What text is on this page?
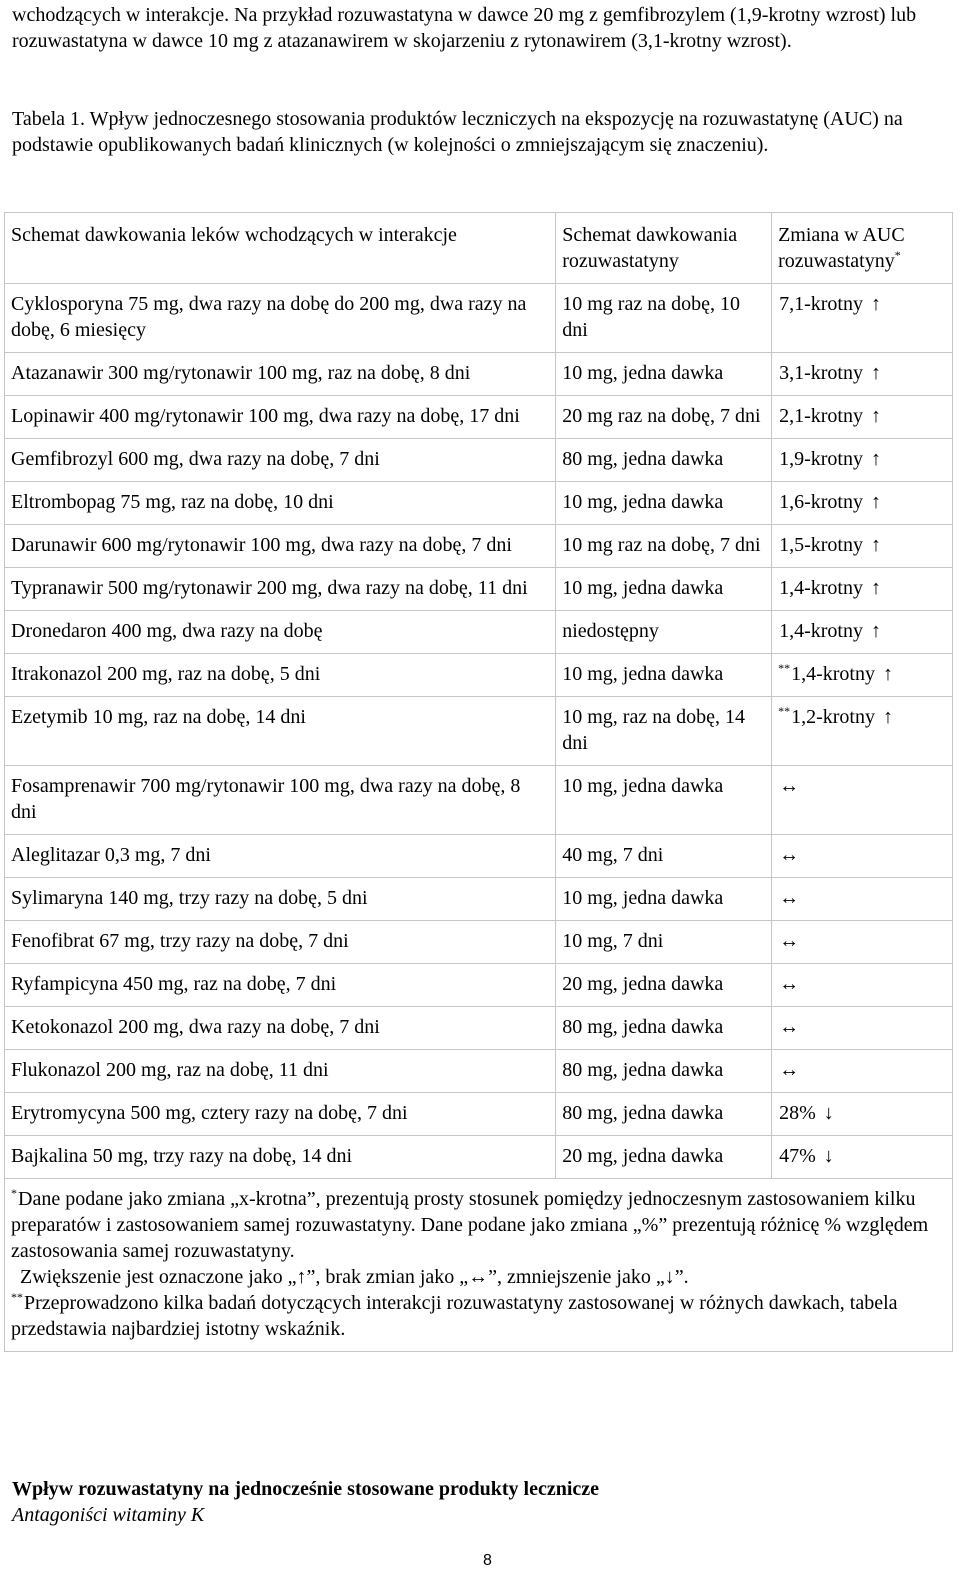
wchodzących w interakcje. Na przykład rozuwastatyna w dawce 20 mg z gemfibrozylem (1,9-krotny wzrost) lub rozuwastatyna w dawce 10 mg z atazanawirem w skojarzeniu z rytonawirem (3,1-krotny wzrost).

Tabela 1. Wpływ jednoczesnego stosowania produktów leczniczych na ekspozycję na rozuwastatynę (AUC) na podstawie opublikowanych badań klinicznych (w kolejności o zmniejszającym się znaczeniu).

Schemat dawkowania leków wchodzących w interakcje	Schemat dawkowania rozuwastatyny	Zmiana w AUC rozuwastatyny*
Cyklosporyna 75 mg, dwa razy na dobę do 200 mg, dwa razy na dobę, 6 miesięcy	10 mg raz na dobę, 10 dni	7,1-krotny ↑
Atazanawir 300 mg/rytonawir 100 mg, raz na dobę, 8 dni	10 mg, jedna dawka	3,1-krotny ↑
Lopinawir 400 mg/rytonawir 100 mg, dwa razy na dobę, 17 dni	20 mg raz na dobę, 7 dni	2,1-krotny ↑
Gemfibrozyl 600 mg, dwa razy na dobę, 7 dni	80 mg, jedna dawka	1,9-krotny ↑
Eltrombopag 75 mg, raz na dobę, 10 dni	10 mg, jedna dawka	1,6-krotny ↑
Darunawir 600 mg/rytonawir 100 mg, dwa razy na dobę, 7 dni	10 mg raz na dobę, 7 dni	1,5-krotny ↑
Typranawir 500 mg/rytonawir 200 mg, dwa razy na dobę, 11 dni	10 mg, jedna dawka	1,4-krotny ↑
Dronedaron 400 mg, dwa razy na dobę	niedostępny	1,4-krotny ↑
Itrakonazol 200 mg, raz na dobę, 5 dni	10 mg, jedna dawka	**1,4-krotny ↑
Ezetymib 10 mg, raz na dobę, 14 dni	10 mg, raz na dobę, 14 dni	**1,2-krotny ↑
Fosamprenawir 700 mg/rytonawir 100 mg, dwa razy na dobę, 8 dni	10 mg, jedna dawka	↔
Aleglitazar 0,3 mg, 7 dni	40 mg, 7 dni	↔
Sylimaryna 140 mg, trzy razy na dobę, 5 dni	10 mg, jedna dawka	↔
Fenofibrat 67 mg, trzy razy na dobę, 7 dni	10 mg, 7 dni	↔
Ryfampicyna 450 mg, raz na dobę, 7 dni	20 mg, jedna dawka	↔
Ketokonazol 200 mg, dwa razy na dobę, 7 dni	80 mg, jedna dawka	↔
Flukonazol 200 mg, raz na dobę, 11 dni	80 mg, jedna dawka	↔
Erytromycyna 500 mg, cztery razy na dobę, 7 dni	80 mg, jedna dawka	28% ↓
Bajkalina 50 mg, trzy razy na dobę, 14 dni	20 mg, jedna dawka	47% ↓

*Dane podane jako zmiana „x-krotna”, prezentują prosty stosunek pomiędzy jednoczesnym zastosowaniem kilku preparatów i zastosowaniem samej rozuwastatyny. Dane podane jako zmiana „%” prezentują różnicę % względem zastosowania samej rozuwastatyny.

Zwiększenie jest oznaczone jako „↑”, brak zmian jako „↔”, zmniejszenie jako „↓”.

**Przeprowadzono kilka badań dotyczących interakcji rozuwastatyny zastosowanej w różnych dawkach, tabela przedstawia najbardziej istotny wskaźnik.		

Wpływ rozuwastatyny na jednocześnie stosowane produkty lecznicze

Antagoniści witaminy K

8
